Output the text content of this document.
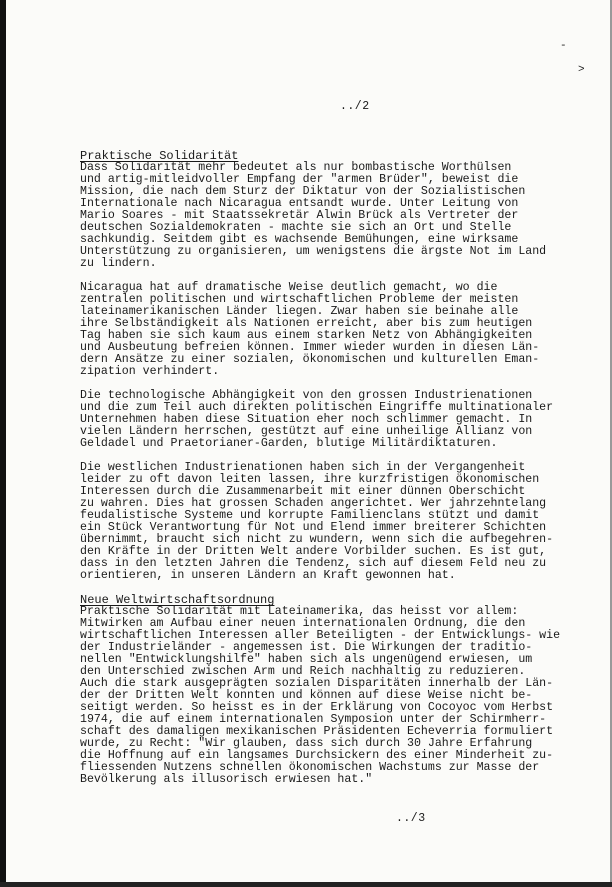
-
>
../2
Praktische Solidarität
Dass Solidarität mehr bedeutet als nur bombastische Worthülsen
und artig-mitleidvoller Empfang der "armen Brüder", beweist die
Mission, die nach dem Sturz der Diktatur von der Sozialistischen
Internationale nach Nicaragua entsandt wurde. Unter Leitung von
Mario Soares - mit Staatssekretär Alwin Brück als Vertreter der
deutschen Sozialdemokraten - machte sie sich an Ort und Stelle
sachkundig. Seitdem gibt es wachsende Bemühungen, eine wirksame
Unterstützung zu organisieren, um wenigstens die ärgste Not im Land
zu lindern.
Nicaragua hat auf dramatische Weise deutlich gemacht, wo die
zentralen politischen und wirtschaftlichen Probleme der meisten
lateinamerikanischen Länder liegen. Zwar haben sie beinahe alle
ihre Selbständigkeit als Nationen erreicht, aber bis zum heutigen
Tag haben sie sich kaum aus einem starken Netz von Abhängigkeiten
und Ausbeutung befreien können. Immer wieder wurden in diesen Län-
dern Ansätze zu einer sozialen, ökonomischen und kulturellen Eman-
zipation verhindert.
Die technologische Abhängigkeit von den grossen Industrienationen
und die zum Teil auch direkten politischen Eingriffe multinationaler
Unternehmen haben diese Situation eher noch schlimmer gemacht. In
vielen Ländern herrschen, gestützt auf eine unheilige Allianz von
Geldadel und Praetorianer-Garden, blutige Militärdiktaturen.
Die westlichen Industrienationen haben sich in der Vergangenheit
leider zu oft davon leiten lassen, ihre kurzfristigen ökonomischen
Interessen durch die Zusammenarbeit mit einer dünnen Oberschicht
zu wahren. Dies hat grossen Schaden angerichtet. Wer jahrzehntelang
feudalistische Systeme und korrupte Familienclans stützt und damit
ein Stück Verantwortung für Not und Elend immer breiterer Schichten
übernimmt, braucht sich nicht zu wundern, wenn sich die aufbegehren-
den Kräfte in der Dritten Welt andere Vorbilder suchen. Es ist gut,
dass in den letzten Jahren die Tendenz, sich auf diesem Feld neu zu
orientieren, in unseren Ländern an Kraft gewonnen hat.
Neue Weltwirtschaftsordnung
Praktische Solidarität mit Lateinamerika, das heisst vor allem:
Mitwirken am Aufbau einer neuen internationalen Ordnung, die den
wirtschaftlichen Interessen aller Beteiligten - der Entwicklungs- wie
der Industrieländer - angemessen ist. Die Wirkungen der traditio-
nellen "Entwicklungshilfe" haben sich als ungenügend erwiesen, um
den Unterschied zwischen Arm und Reich nachhaltig zu reduzieren.
Auch die stark ausgeprägten sozialen Disparitäten innerhalb der Län-
der der Dritten Welt konnten und können auf diese Weise nicht be-
seitigt werden. So heisst es in der Erklärung von Cocoyoc vom Herbst
1974, die auf einem internationalen Symposion unter der Schirmherr-
schaft des damaligen mexikanischen Präsidenten Echeverria formuliert
wurde, zu Recht: "Wir glauben, dass sich durch 30 Jahre Erfahrung
die Hoffnung auf ein langsames Durchsickern des einer Minderheit zu-
fliessenden Nutzens schnellen ökonomischen Wachstums zur Masse der
Bevölkerung als illusorisch erwiesen hat."
../3
